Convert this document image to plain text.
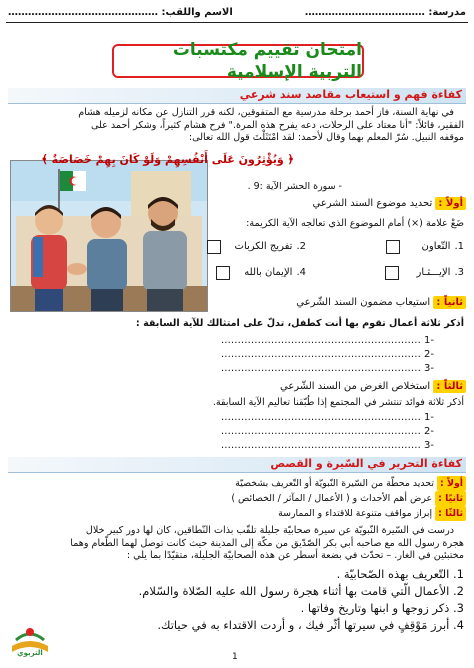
مدرسة: ………………………………
الاسم واللقب: ………………………………………
امتحان تقييم مكتسبات التربية الإسلامية
كفاءة فهم و استيعاب مقاصد سند شرعي
في نهاية السنة، فاز أحمد برحلة مدرسية مع المتفوقين، لكنه قرر التنازل عن مكانه لزميله هشام
الفقير، قائلاً: "أنا معتاد على الرحلات، دعه يفرح هذه المرة." فرح هشام كثيراً، وشكر أحمد على
موقفه النبيل. سُرّ المعلم بهما وقال لأحمد: لقد امْتَثَلْتَ قول الله تعالى:
﴿ وَيُؤْثِرُونَ عَلَى أَنْفُسِهِمْ وَلَوْ كَانَ بِهِمْ خَصَاصَةٌ ﴾
- سورة الحشر الآية :9 .
أولاً : تحديد موضوع السند الشرعي
ضَعْ علامة (×) أمام الموضوع الذي تعالجه الآية الكريمة:
1.
التّعاون
2.
تفريج الكربات
3.
الإيـــثـار
4.
الإيمان بالله
ثانياً : استيعاب مضمون السند الشّرعي
أذكر ثلاثة أعمال تقوم بها أنت كطفل، تدلّ على امتثالك للآية السابقة :
-1 ……………………………………………………
-2 ……………………………………………………
-3 ……………………………………………………
ثالثاً : استخلاص الغرض من السند الشّرعي
أذكر ثلاثة فوائد تنتشر في المجتمع إذا طُبّقنا تعاليم الآية السابقة.
-1 ……………………………………………………
-2 ……………………………………………………
-3 ……………………………………………………
كفاءة التحرير في السّيرة و القصص
أولاً : تحديد محطّة من السّيرة النّبويّة أو التّعريف بشخصيّة
ثانيًا : عرض أهم الأحداث و ( الأعمال / المآثر / الخصائص )
ثالثًا : إبراز مواقف متنوعة للاقتداء و الممارسة
درست في السّيرة النّبويّة عن سيرة صحابيّة جليلة تلقّب بذات النّطاقين، كان لها دور كبير خلال
هجرة رسول الله مع صاحبه أبي بكر الصّدّيق من مكّة إلى المدينة حيث كانت توصل لهما الطّعام وهما
مختبئين في الغار. – تحدّث في بضعة أسطر عن هذه الصحابيّة الجليلة، متقيّدًا بما يلي :
1. التّعريف بهذه الصّحابيّة .
2. الأعمال الّتي قامت بها أثناء هجرة رسول الله عليه الصّلاة والسّلام.
3. ذكر زوجها و ابنها وتاريخ وفاتها .
4. أبرز مَوْقِفٍ في سيرتها أثّر فيك ، و أردت الاقتداء به في حياتك.
التربوي	1
